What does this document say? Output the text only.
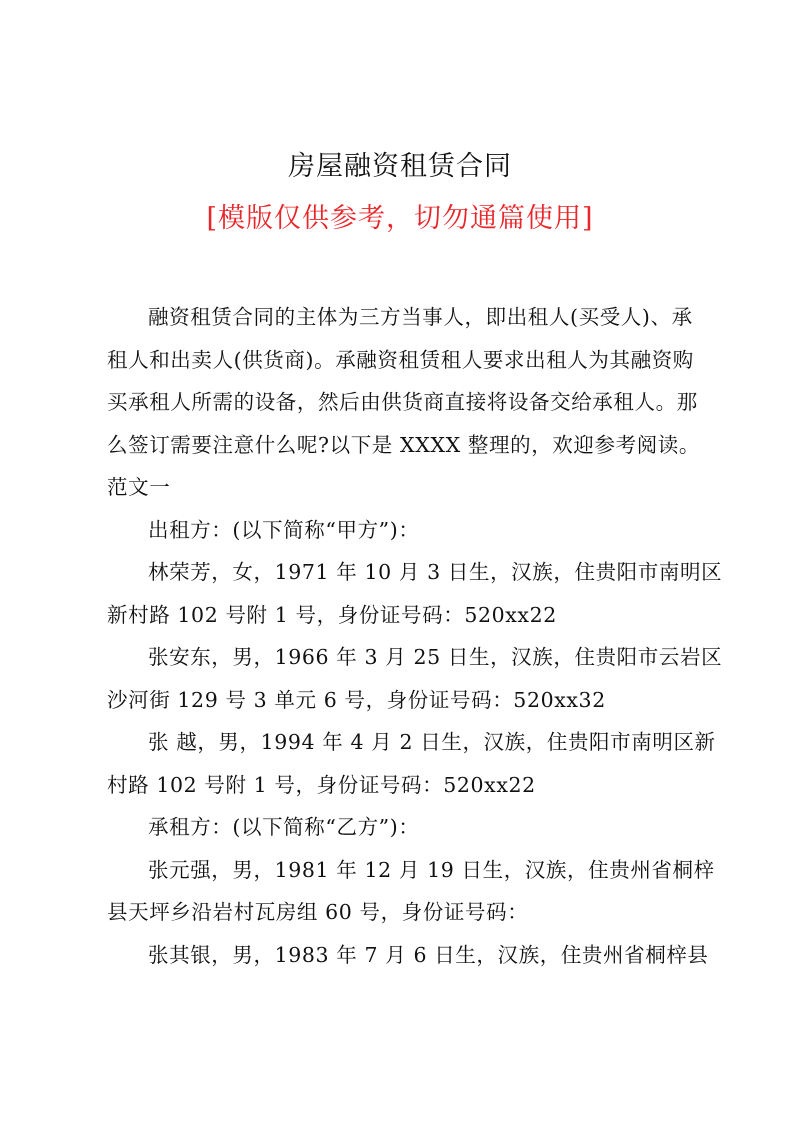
房屋融资租赁合同
[模版仅供参考，切勿通篇使用]
融资租赁合同的主体为三方当事人，即出租人(买受人)、承
租人和出卖人(供货商)。承融资租赁租人要求出租人为其融资购
买承租人所需的设备，然后由供货商直接将设备交给承租人。那
么签订需要注意什么呢?以下是 XXXX 整理的，欢迎参考阅读。
范文一
出租方：(以下简称“甲方”)：
林荣芳，女，1971 年 10 月 3 日生，汉族，住贵阳市南明区
新村路 102 号附 1 号，身份证号码：520xx22
张安东，男，1966 年 3 月 25 日生，汉族，住贵阳市云岩区
沙河街 129 号 3 单元 6 号，身份证号码：520xx32
张 越，男，1994 年 4 月 2 日生，汉族，住贵阳市南明区新
村路 102 号附 1 号，身份证号码：520xx22
承租方：(以下简称“乙方”)：
张元强，男，1981 年 12 月 19 日生，汉族，住贵州省桐梓
县天坪乡沿岩村瓦房组 60 号，身份证号码：
张其银，男，1983 年 7 月 6 日生，汉族，住贵州省桐梓县
